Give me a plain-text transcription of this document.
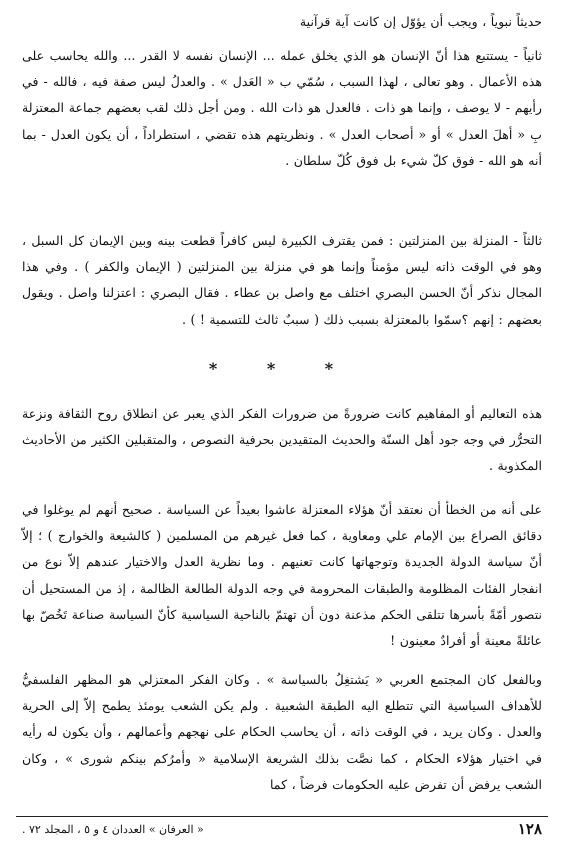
حديثاً نبوياً ، ويجب أن يؤوّل إن كانت آية قرآنية
ثانياً - يستتبع هذا أنّ الإنسان هو الذي يخلق عمله ... الإنسان نفسه لا القدر ... والله يحاسب على هذه الأعمال . وهو تعالى ، لهذا السبب ، سُمّي ب « العَدل » . والعدلُ ليس صفة فيه ، فالله - في رأيهم - لا يوصف ، وإنما هو ذات . فالعدل هو ذات الله . ومن أجل ذلك لقب بعضهم جماعة المعتزلة بِ « أهلَ العدل » أو « أصحاب العدل » . ونظريتهم هذه تقضي ، استطراداً ، أن يكون العدل - بما أنه هو الله - فوق كلّ شيء بل فوق كُلّ سلطان .
ثالثاً - المنزلة بين المنزلتين : فمن يقترف الكبيرة ليس كافراً قطعت بينه وبين الإيمان كل السبل ، وهو في الوقت ذاته ليس مؤمناً وإنما هو في منزلة بين المنزلتين ( الإيمان والكفر ) . وفي هذا المجال نذكر أنّ الحسن البصري اختلف مع واصل بن عطاء . فقال البصري : اعتزلنا واصل . ويقول بعضهم : إنهم ؟سمّوا بالمعتزلة بسبب ذلك ( سببٌ ثالث للتسمية ! ) .
* * *
هذه التعاليم أو المفاهيم كانت ضرورةً من ضرورات الفكر الذي يعبر عن انطلاق روح الثقافة ونزعة التحرُّر في وجه جود أهل السنّة والحديث المتقيدين بحرفية النصوص ، والمتقبلين الكثير من الأحاديث المكذوبة .
على أنه من الخطأ أن نعتقد أنّ هؤلاء المعتزلة عاشوا بعيداً عن السياسة . صحيح أنهم لم يوغلوا في دقائق الصراع بين الإمام علي ومعاوية ، كما فعل غيرهم من المسلمين ( كالشيعة والخوارج ) ؛ إلاّ أنّ سياسة الدولة الجديدة وتوجهاتها كانت تعنيهم . وما نظرية العدل والاختيار عندهم إلاّ نوع من انفجار الفئات المظلومة والطبقات المحرومة في وجه الدولة الطالعة الظالمة ، إذ من المستحيل أن نتصور أمّةً بأسرها تتلقى الحكم مذعنة دون أن تهتمّ بالناحية السياسية كأنّ السياسة صناعة تَخُصّ بها عائلةً معينة أو أفرادٌ معينون !
وبالفعل كان المجتمع العربي « يَشتغِلُ بالسياسة » . وكان الفكر المعتزلي هو المظهر الفلسفيُّ للأهداف السياسية التي تتطلع اليه الطبقة الشعبية . ولم يكن الشعب يومئذ يطمح إلاّ إلى الحرية والعدل . وكان يريد ، في الوقت ذاته ، أن يحاسب الحكام على نهجهم وأعمالهم ، وأن يكون له رأيه في اختيار هؤلاء الحكام ، كما نصَّت بذلك الشريعة الإسلامية « وأمرُكم بينكم شورى » ، وكان الشعب يرفض أن تفرض عليه الحكومات فرضاً ، كما
١٢٨
« العرفان » العددان ٤ و ٥ ، المجلد ٧٢ .
